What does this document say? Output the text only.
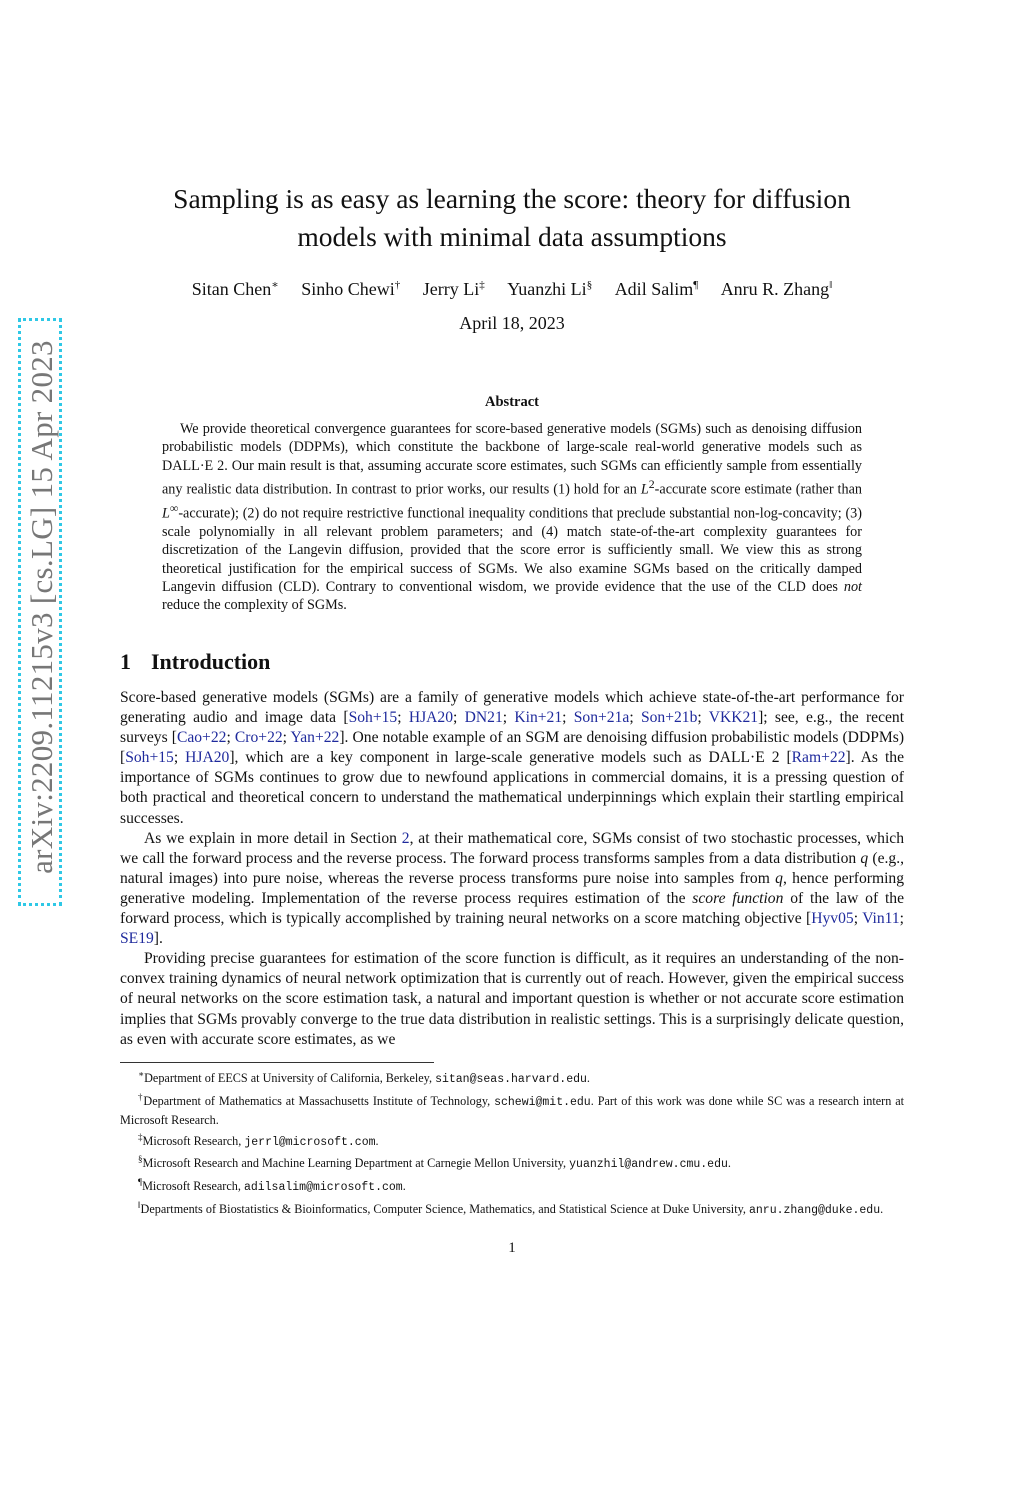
arXiv:2209.11215v3 [cs.LG] 15 Apr 2023
Sampling is as easy as learning the score: theory for diffusion
models with minimal data assumptions
Sitan Chen∗ Sinho Chewi† Jerry Li‡ Yuanzhi Li§ Adil Salim¶ Anru R. Zhang‖
April 18, 2023
Abstract

We provide theoretical convergence guarantees for score-based generative models (SGMs) such as denoising diffusion probabilistic models (DDPMs), which constitute the backbone of large-scale real-world generative models such as DALL·E 2. Our main result is that, assuming accurate score estimates, such SGMs can efficiently sample from essentially any realistic data distribution. In contrast to prior works, our results (1) hold for an $L^2$-accurate score estimate (rather than L∞-accurate); (2) do not require restrictive functional inequality conditions that preclude substantial non-log-concavity; (3) scale polynomially in all relevant problem parameters; and (4) match state-of-the-art complexity guarantees for discretization of the Langevin diffusion, provided that the score error is sufficiently small. We view this as strong theoretical justification for the empirical success of SGMs. We also examine SGMs based on the critically damped Langevin diffusion (CLD). Contrary to conventional wisdom, we provide evidence that the use of the CLD does not reduce the complexity of SGMs.

1 Introduction

Score-based generative models (SGMs) are a family of generative models which achieve state-of-the-art performance for generating audio and image data [Soh+15; HJA20; DN21; Kin+21; Son+21a; Son+21b; VKK21]; see, e.g., the recent surveys [Cao+22; Cro+22; Yan+22]. One notable example of an SGM are denoising diffusion probabilistic models (DDPMs) [Soh+15; HJA20], which are a key component in large-scale generative models such as DALL·E 2 [Ram+22]. As the importance of SGMs continues to grow due to newfound applications in commercial domains, it is a pressing question of both practical and theoretical concern to understand the mathematical underpinnings which explain their startling empirical successes.

As we explain in more detail in Section 2, at their mathematical core, SGMs consist of two stochastic processes, which we call the forward process and the reverse process. The forward process transforms samples from a data distribution q (e.g., natural images) into pure noise, whereas the reverse process transforms pure noise into samples from q, hence performing generative modeling. Implementation of the reverse process requires estimation of the score function of the law of the forward process, which is typically accomplished by training neural networks on a score matching objective [Hyv05; Vin11; SE19].

Providing precise guarantees for estimation of the score function is difficult, as it requires an understanding of the non-convex training dynamics of neural network optimization that is currently out of reach. However, given the empirical success of neural networks on the score estimation task, a natural and important question is whether or not accurate score estimation implies that SGMs provably converge to the true data distribution in realistic settings. This is a surprisingly delicate question, as even with accurate score estimates, as we

∗Department of EECS at University of California, Berkeley, sitan@seas.harvard.edu.

†Department of Mathematics at Massachusetts Institute of Technology, schewi@mit.edu. Part of this work was done while SC was a research intern at Microsoft Research.

‡Microsoft Research, jerrl@microsoft.com.

§Microsoft Research and Machine Learning Department at Carnegie Mellon University, yuanzhil@andrew.cmu.edu.

¶Microsoft Research, adilsalim@microsoft.com.

‖Departments of Biostatistics & Bioinformatics, Computer Science, Mathematics, and Statistical Science at Duke University, anru.zhang@duke.edu.

1
